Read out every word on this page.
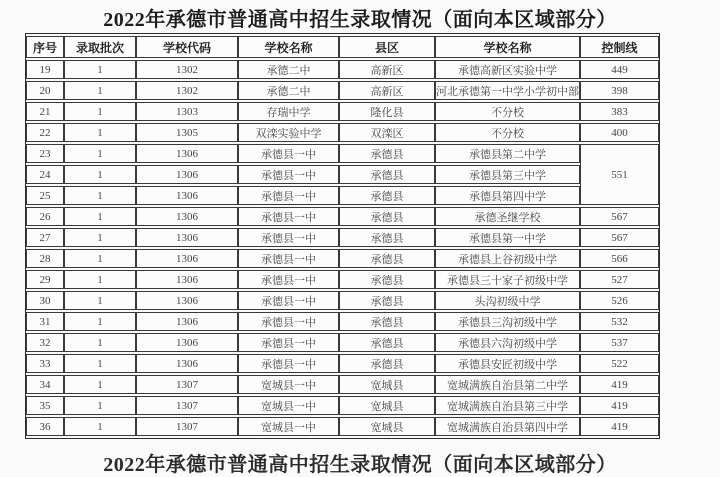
2022年承德市普通高中招生录取情况（面向本区域部分）
序号	录取批次	学校代码	学校名称	县区	学校名称	控制线
19	1	1302	承德二中	高新区	承德高新区实验中学	449
20	1	1302	承德二中	高新区	河北承德第一中学小学初中部	398
21	1	1303	存瑞中学	隆化县	不分校	383
22	1	1305	双滦实验中学	双滦区	不分校	400
23	1	1306	承德县一中	承德县	承德县第二中学	551
24	1	1306	承德县一中	承德县	承德县第三中学	
25	1	1306	承德县一中	承德县	承德县第四中学	
26	1	1306	承德县一中	承德县	承德圣继学校	567
27	1	1306	承德县一中	承德县	承德县第一中学	567
28	1	1306	承德县一中	承德县	承德县上谷初级中学	566
29	1	1306	承德县一中	承德县	承德县三十家子初级中学	527
30	1	1306	承德县一中	承德县	头沟初级中学	526
31	1	1306	承德县一中	承德县	承德县三沟初级中学	532
32	1	1306	承德县一中	承德县	承德县六沟初级中学	537
33	1	1306	承德县一中	承德县	承德县安匠初级中学	522
34	1	1307	宽城县一中	宽城县	宽城满族自治县第二中学	419
35	1	1307	宽城县一中	宽城县	宽城满族自治县第三中学	419
36	1	1307	宽城县一中	宽城县	宽城满族自治县第四中学	419
2022年承德市普通高中招生录取情况（面向本区域部分）
